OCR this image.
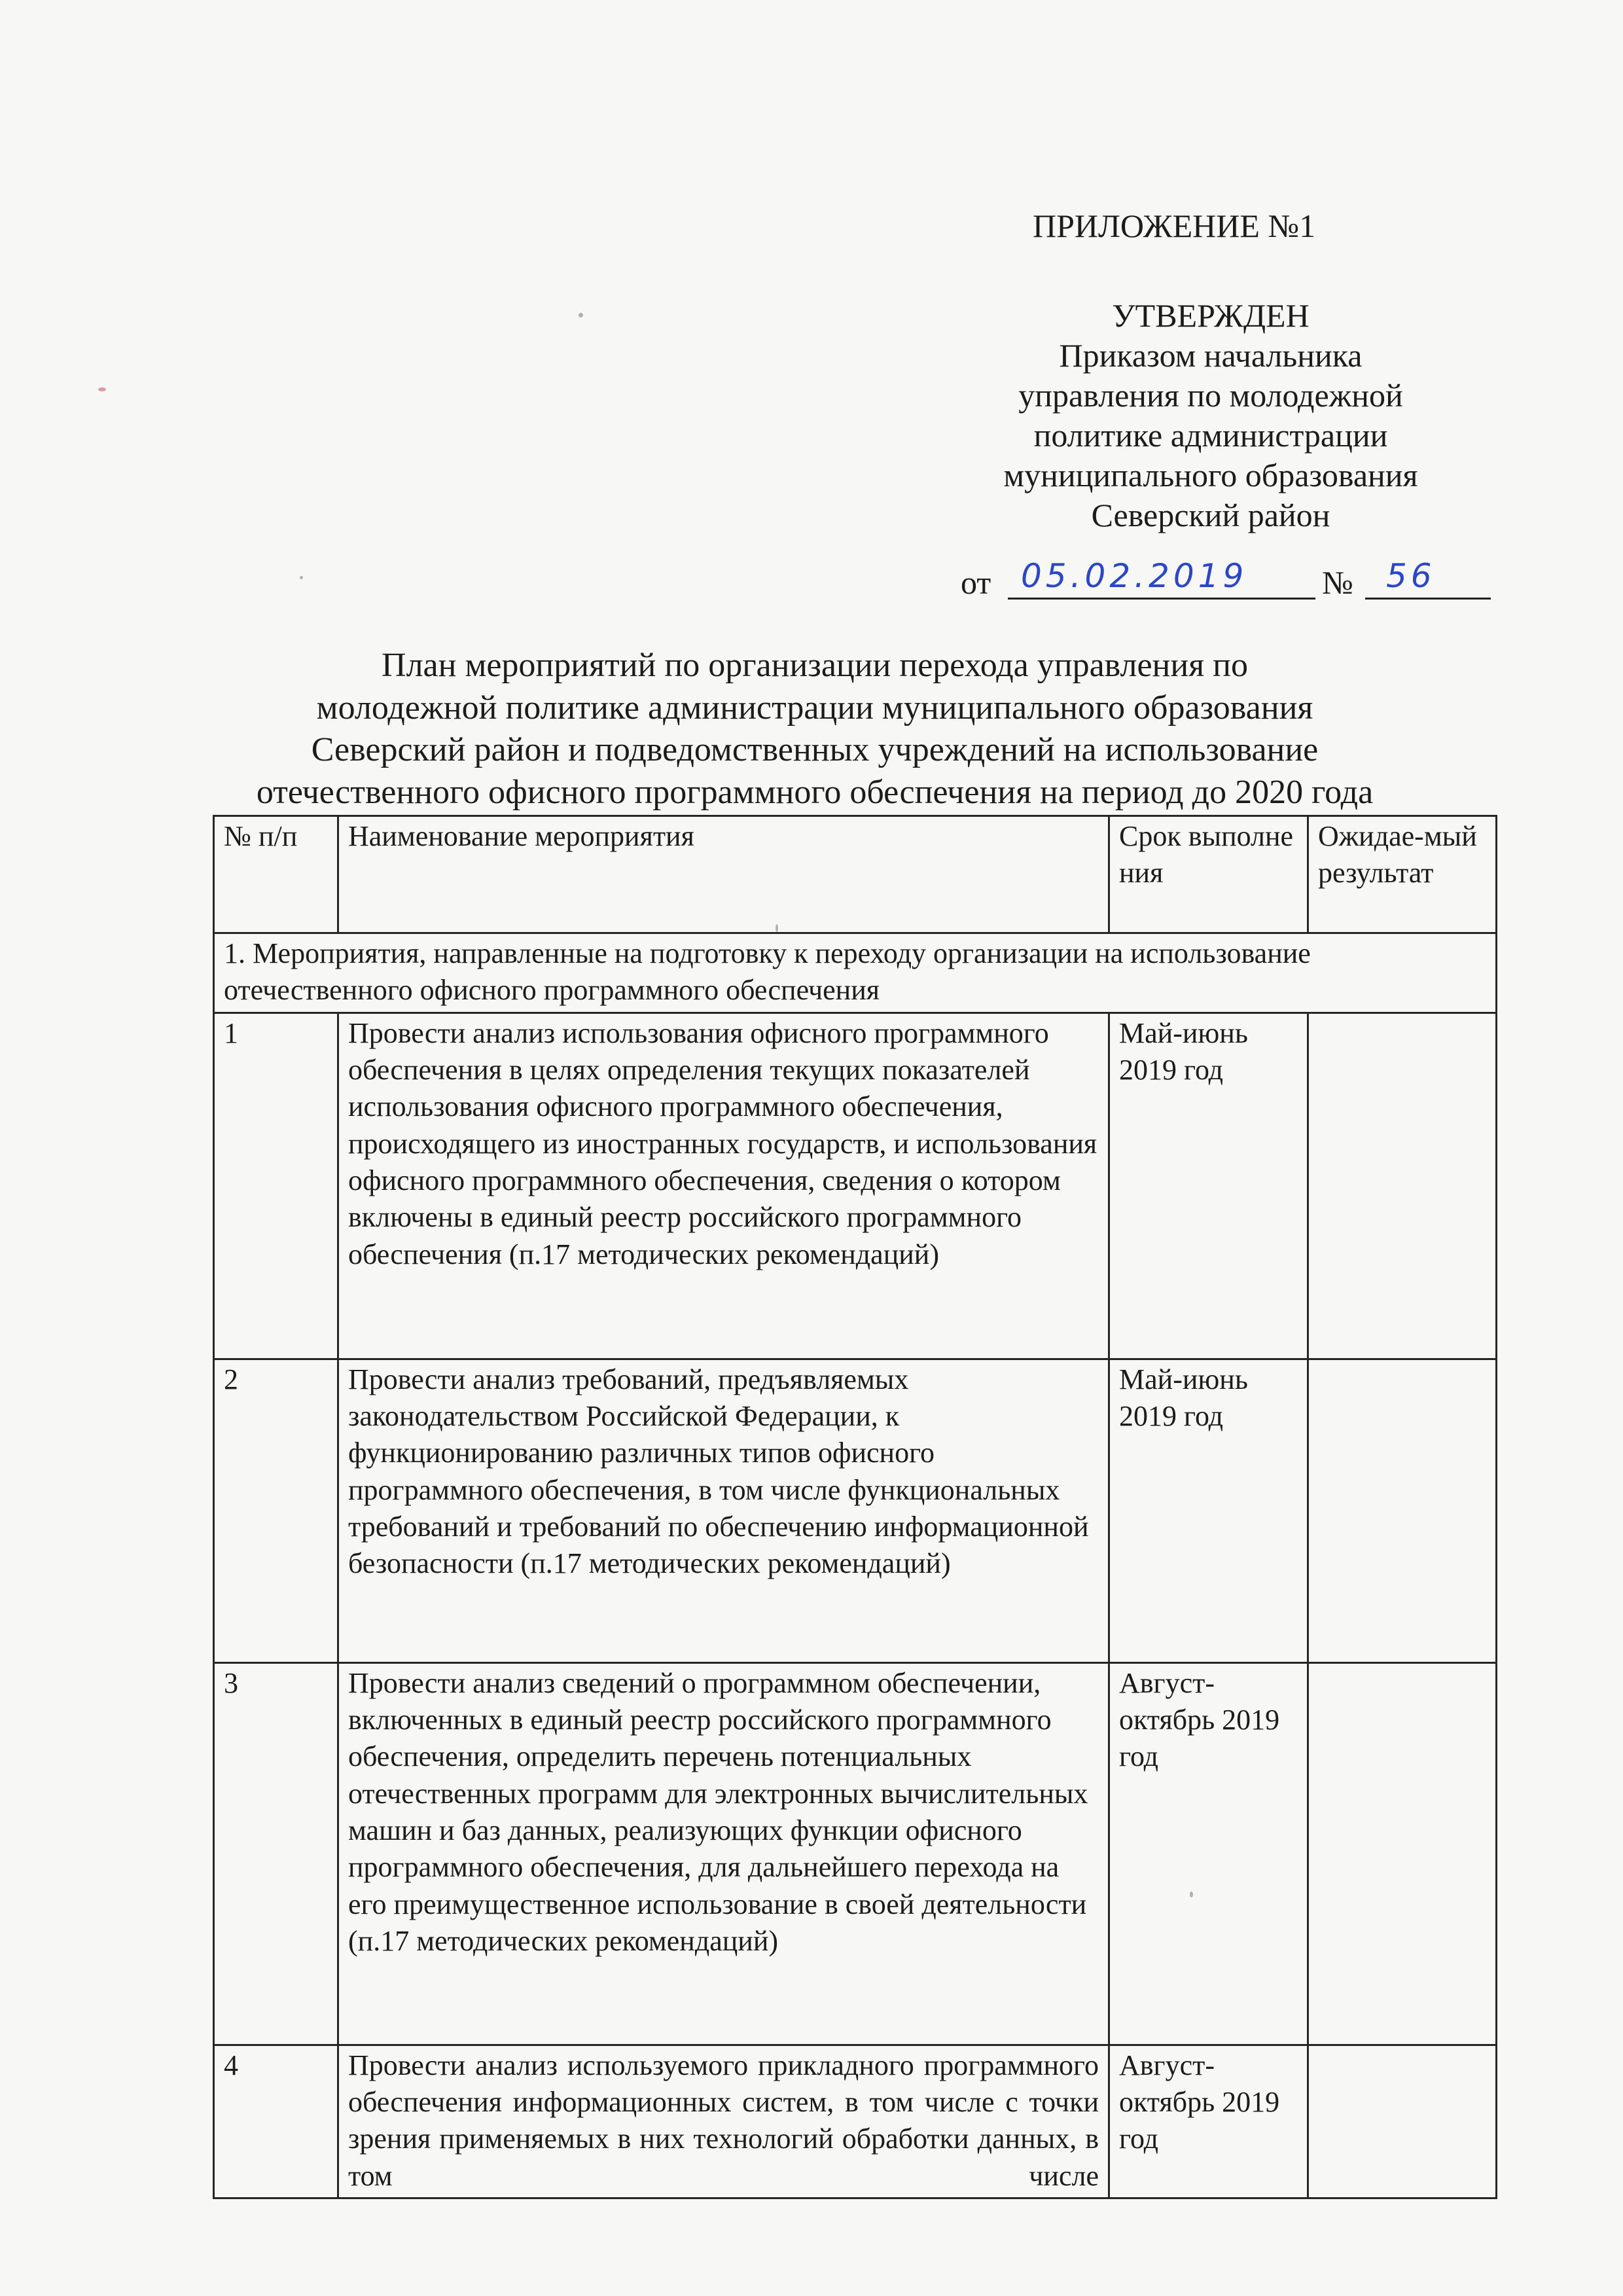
ПРИЛОЖЕНИЕ №1
УТВЕРЖДЕН
Приказом начальника
управления по молодежной
политике администрации
муниципального образования
Северский район
от 05.02.2019 № 56
План мероприятий по организации перехода управления по
молодежной политике администрации муниципального образования
Северский район и подведомственных учреждений на использование
отечественного офисного программного обеспечения на период до 2020 года
№ п/п	Наименование мероприятия	Срок выполнения	Ожидае-мый результат
1. Мероприятия, направленные на подготовку к переходу организации на использование отечественного офисного программного обеспечения			
1	Провести анализ использования офисного программного обеспечения в целях определения текущих показателей использования офисного программного обеспечения, происходящего из иностранных государств, и использования офисного программного обеспечения, сведения о котором включены в единый реестр российского программного обеспечения (п.17 методических рекомендаций)	Май-июнь 2019 год	
2	Провести анализ требований, предъявляемых законодательством Российской Федерации, к функционированию различных типов офисного программного обеспечения, в том числе функциональных требований и требований по обеспечению информационной безопасности (п.17 методических рекомендаций)	Май-июнь 2019 год	
3	Провести анализ сведений о программном обеспечении, включенных в единый реестр российского программного обеспечения, определить перечень потенциальных отечественных программ для электронных вычислительных машин и баз данных, реализующих функции офисного программного обеспечения, для дальнейшего перехода на его преимущественное использование в своей деятельности (п.17 методических рекомендаций)	Август-октябрь 2019 год	
4	Провести анализ используемого прикладного программного обеспечения информационных систем, в том числе с точки зрения применяемых в них технологий обработки данных, в том числе	Август-октябрь 2019 год	
